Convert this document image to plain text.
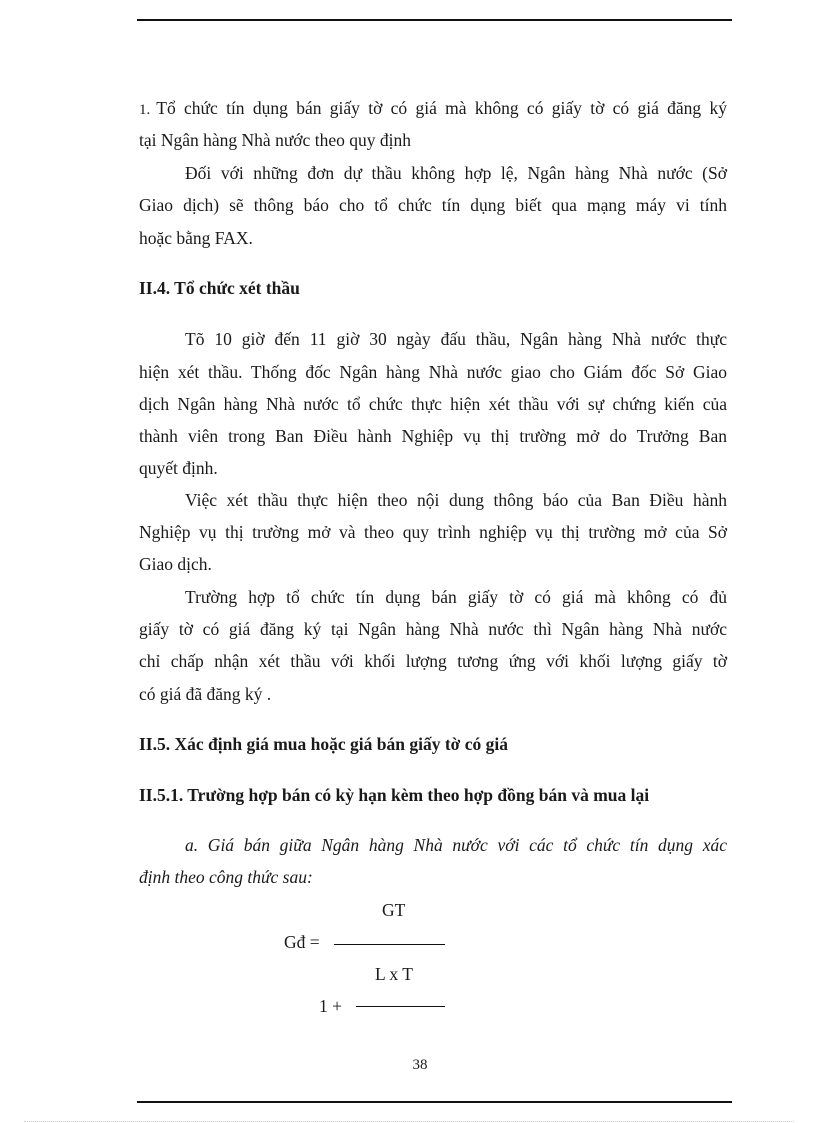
1. Tổ chức tín dụng bán giấy tờ có giá mà không có giấy tờ có giá đăng ký
tại Ngân hàng Nhà nước theo quy định
Đối với những đơn dự thầu không hợp lệ, Ngân hàng Nhà nước (Sở
Giao dịch) sẽ thông báo cho tổ chức tín dụng biết qua mạng máy vi tính
hoặc bằng FAX.
II.4. Tổ chức xét thầu
Tõ 10 giờ đến 11 giờ 30 ngày đấu thầu, Ngân hàng Nhà nước thực
hiện xét thầu. Thống đốc Ngân hàng Nhà nước giao cho Giám đốc Sở Giao
dịch Ngân hàng Nhà nước tổ chức thực hiện xét thầu với sự chứng kiến của
thành viên trong Ban Điều hành Nghiệp vụ thị trường mở do Trưởng Ban
quyết định.
Việc xét thầu thực hiện theo nội dung thông báo của Ban Điều hành
Nghiệp vụ thị trường mở và theo quy trình nghiệp vụ thị trường mở của Sở
Giao dịch.
Trường hợp tổ chức tín dụng bán giấy tờ có giá mà không có đủ
giấy tờ có giá đăng ký tại Ngân hàng Nhà nước thì Ngân hàng Nhà nước
chỉ chấp nhận xét thầu với khối lượng tương ứng với khối lượng giấy tờ
có giá đã đăng ký .
II.5. Xác định giá mua hoặc giá bán giấy tờ có giá
II.5.1. Trường hợp bán có kỳ hạn kèm theo hợp đồng bán và mua lại
a. Giá bán giữa Ngân hàng Nhà nước với các tổ chức tín dụng xác
định theo công thức sau:
GT
Gđ =
L x T
1 +
38
